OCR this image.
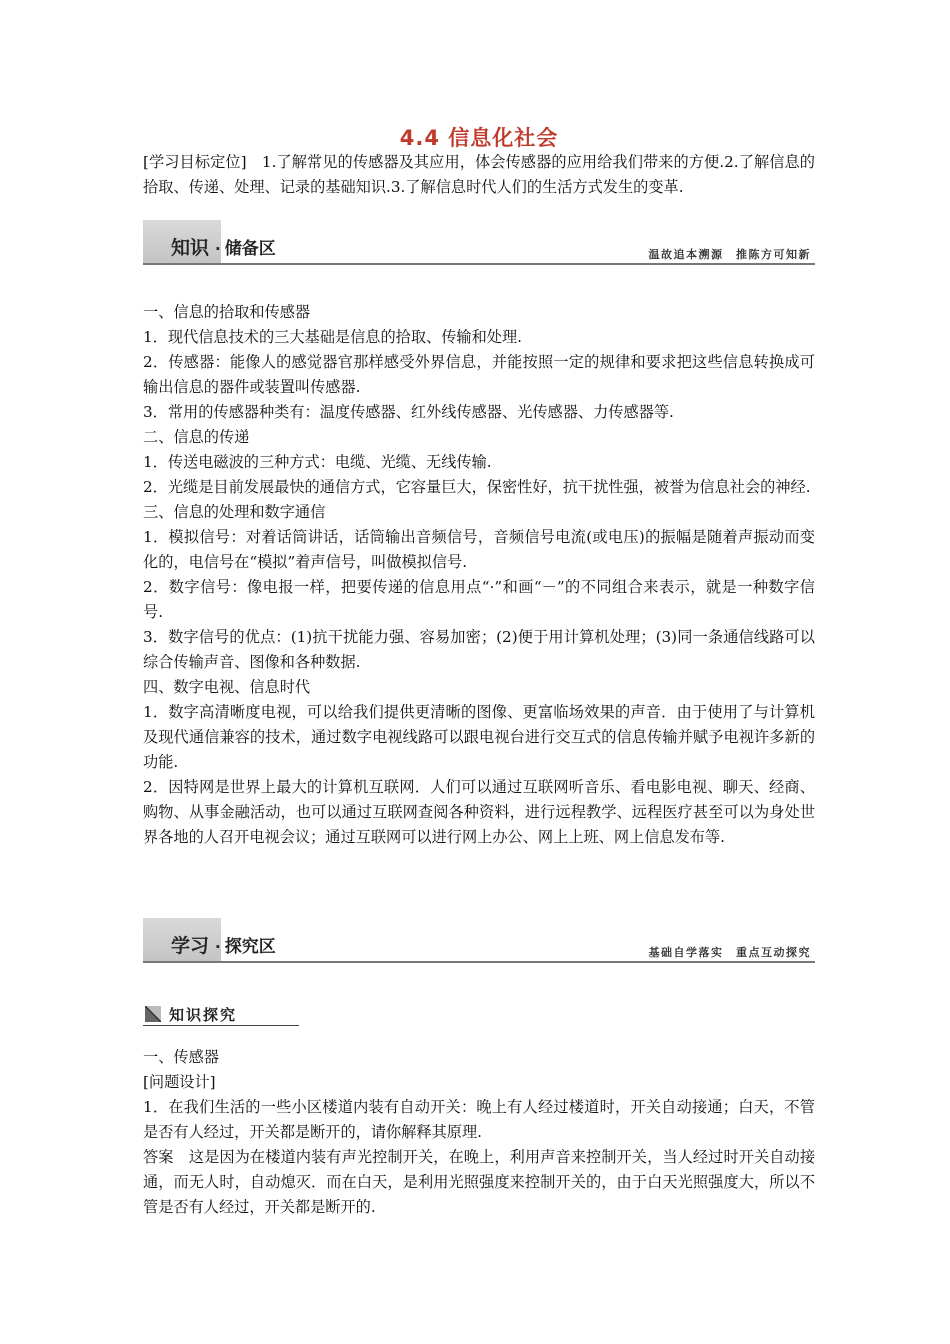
4.4 信息化社会
[学习目标定位]　1.了解常见的传感器及其应用，体会传感器的应用给我们带来的方便.2.了解信息的拾取、传递、处理、记录的基础知识.3.了解信息时代人们的生活方式发生的变革.
知识 · 储备区	温故追本溯源　推陈方可知新

一、信息的拾取和传感器

1．现代信息技术的三大基础是信息的拾取、传输和处理.

2．传感器：能像人的感觉器官那样感受外界信息，并能按照一定的规律和要求把这些信息转换成可输出信息的器件或装置叫传感器.

3．常用的传感器种类有：温度传感器、红外线传感器、光传感器、力传感器等.

二、信息的传递

1．传送电磁波的三种方式：电缆、光缆、无线传输.

2．光缆是目前发展最快的通信方式，它容量巨大，保密性好，抗干扰性强，被誉为信息社会的神经.

三、信息的处理和数字通信

1．模拟信号：对着话筒讲话，话筒输出音频信号，音频信号电流(或电压)的振幅是随着声振动而变化的，电信号在“模拟”着声信号，叫做模拟信号.

2．数字信号：像电报一样，把要传递的信息用点“·”和画“－”的不同组合来表示，就是一种数字信号.

3．数字信号的优点：(1)抗干扰能力强、容易加密；(2)便于用计算机处理；(3)同一条通信线路可以综合传输声音、图像和各种数据.

四、数字电视、信息时代

1．数字高清晰度电视，可以给我们提供更清晰的图像、更富临场效果的声音．由于使用了与计算机及现代通信兼容的技术，通过数字电视线路可以跟电视台进行交互式的信息传输并赋予电视许多新的功能.

2．因特网是世界上最大的计算机互联网．人们可以通过互联网听音乐、看电影电视、聊天、经商、购物、从事金融活动，也可以通过互联网查阅各种资料，进行远程教学、远程医疗甚至可以为身处世界各地的人召开电视会议；通过互联网可以进行网上办公、网上上班、网上信息发布等.

学习 · 探究区	基础自学落实　重点互动探究
知识探究

一、传感器

[问题设计]

1．在我们生活的一些小区楼道内装有自动开关：晚上有人经过楼道时，开关自动接通；白天，不管是否有人经过，开关都是断开的，请你解释其原理.

答案　这是因为在楼道内装有声光控制开关，在晚上，利用声音来控制开关，当人经过时开关自动接通，而无人时，自动熄灭．而在白天，是利用光照强度来控制开关的，由于白天光照强度大，所以不管是否有人经过，开关都是断开的.
